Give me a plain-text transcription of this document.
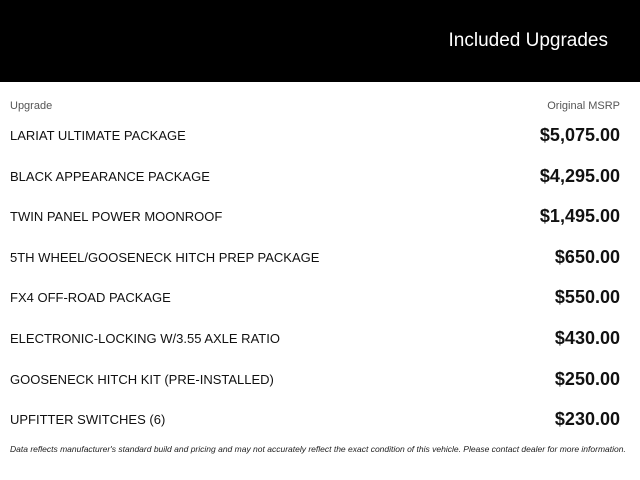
Included Upgrades
Upgrade	Original MSRP
LARIAT ULTIMATE PACKAGE	$5,075.00
BLACK APPEARANCE PACKAGE	$4,295.00
TWIN PANEL POWER MOONROOF	$1,495.00
5TH WHEEL/GOOSENECK HITCH PREP PACKAGE	$650.00
FX4 OFF-ROAD PACKAGE	$550.00
ELECTRONIC-LOCKING W/3.55 AXLE RATIO	$430.00
GOOSENECK HITCH KIT (PRE-INSTALLED)	$250.00
UPFITTER SWITCHES (6)	$230.00
Data reflects manufacturer's standard build and pricing and may not accurately reflect the exact condition of this vehicle. Please contact dealer for more information.
